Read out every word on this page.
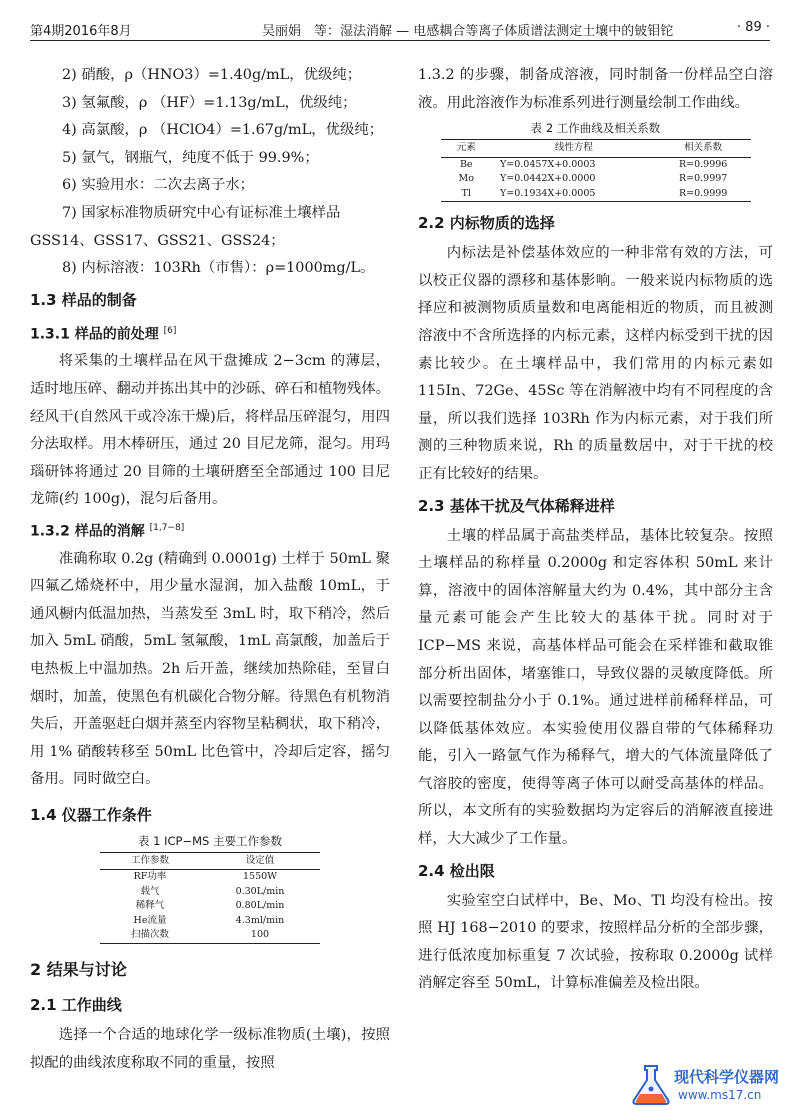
第4期2016年8月	吴丽娟　等：湿法消解 — 电感耦合等离子体质谱法测定土壤中的铍钼铊	· 89 ·

2) 硝酸，ρ（HNO3）=1.40g/mL，优级纯；

3) 氢氟酸，ρ （HF）=1.13g/mL，优级纯；

4) 高氯酸，ρ （HClO4）=1.67g/mL，优级纯；

5) 氩气，钢瓶气，纯度不低于 99.9%；

6) 实验用水：二次去离子水；

7) 国家标准物质研究中心有证标准土壤样品

GSS14、GSS17、GSS21、GSS24；

8) 内标溶液：103Rh（市售）：ρ=1000mg/L。

1.3 样品的制备
1.3.1 样品的前处理 [6]

将采集的土壤样品在风干盘摊成 2−3cm 的薄层，适时地压碎、翻动并拣出其中的沙砾、碎石和植物残体。经风干(自然风干或冷冻干燥)后，将样品压碎混匀，用四分法取样。用木棒研压，通过 20 目尼龙筛，混匀。用玛瑙研钵将通过 20 目筛的土壤研磨至全部通过 100 目尼龙筛(约 100g)，混匀后备用。

1.3.2 样品的消解 [1,7−8]

准确称取 0.2g (精确到 0.0001g) 土样于 50mL 聚四氟乙烯烧杯中，用少量水湿润，加入盐酸 10mL，于通风橱内低温加热，当蒸发至 3mL 时，取下稍冷，然后加入 5mL 硝酸，5mL 氢氟酸，1mL 高氯酸，加盖后于电热板上中温加热。2h 后开盖，继续加热除硅，至冒白烟时，加盖，使黑色有机碳化合物分解。待黑色有机物消失后，开盖驱赶白烟并蒸至内容物呈粘稠状，取下稍冷，用 1% 硝酸转移至 50mL 比色管中，冷却后定容，摇匀备用。同时做空白。

1.4 仪器工作条件
表 1 ICP−MS 主要工作参数
工作参数	设定值
RF功率	1550W
载气	0.30L/min
稀释气	0.80L/min
He流量	4.3ml/min
扫描次数	100
2 结果与讨论
2.1 工作曲线

选择一个合适的地球化学一级标准物质(土壤)，按照拟配的曲线浓度称取不同的重量，按照

1.3.2 的步骤，制备成溶液，同时制备一份样品空白溶液。用此溶液作为标准系列进行测量绘制工作曲线。

表 2 工作曲线及相关系数
元素	线性方程	相关系数
Be	Y=0.0457X+0.0003	R=0.9996
Mo	Y=0.0442X+0.0000	R=0.9997
Tl	Y=0.1934X+0.0005	R=0.9999
2.2 内标物质的选择

内标法是补偿基体效应的一种非常有效的方法，可以校正仪器的漂移和基体影响。一般来说内标物质的选择应和被测物质质量数和电离能相近的物质，而且被测溶液中不含所选择的内标元素，这样内标受到干扰的因素比较少。在土壤样品中，我们常用的内标元素如 115In、72Ge、45Sc 等在消解液中均有不同程度的含量，所以我们选择 103Rh 作为内标元素，对于我们所测的三种物质来说，Rh 的质量数居中，对于干扰的校正有比较好的结果。

2.3 基体干扰及气体稀释进样

土壤的样品属于高盐类样品，基体比较复杂。按照土壤样品的称样量 0.2000g 和定容体积 50mL 来计算，溶液中的固体溶解量大约为 0.4%，其中部分主含量元素可能会产生比较大的基体干扰。同时对于 ICP−MS 来说，高基体样品可能会在采样锥和截取锥部分析出固体，堵塞锥口，导致仪器的灵敏度降低。所以需要控制盐分小于 0.1%。通过进样前稀释样品，可以降低基体效应。本实验使用仪器自带的气体稀释功能，引入一路氩气作为稀释气，增大的气体流量降低了气溶胶的密度，使得等离子体可以耐受高基体的样品。所以，本文所有的实验数据均为定容后的消解液直接进样，大大减少了工作量。

2.4 检出限

实验室空白试样中，Be、Mo、Tl 均没有检出。按照 HJ 168−2010 的要求，按照样品分析的全部步骤，进行低浓度加标重复 7 次试验，按称取 0.2000g 试样消解定容至 50mL，计算标准偏差及检出限。

现代科学仪器网
www.ms17.cn
